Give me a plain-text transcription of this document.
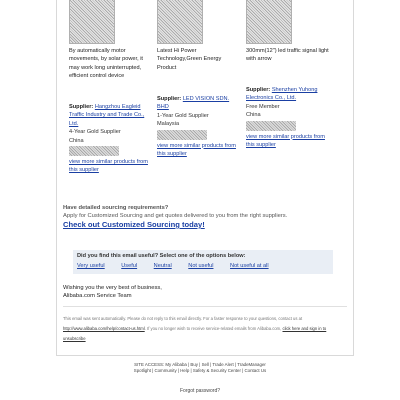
By automatically motor movements, by solar power, it may work long uninterrupted, efficient control device
Supplier: Hangzhou Eagleid Traffic Industry and Trade Co., Ltd.
4-Year Gold Supplier
China
view more similar products from this supplier
Latest Hi Power Technology,Green Energy Product
Supplier: LED VISION SDN. BHD
1-Year Gold Supplier
Malaysia
view more similar products from this supplier
300mm(12") led traffic signal light with arrow
Supplier: Shenzhen Yuhong Electronics Co., Ltd.
Free Member
China
view more similar products from this supplier
Have detailed sourcing requirements?
Apply for Customized Sourcing and get quotes delivered to you from the right suppliers.
Check out Customized Sourcing today!
Did you find this email useful? Select one of the options below:
Very useful	Useful	Neutral	Not useful	Not useful at all
Wishing you the very best of business,
Alibaba.com Service Team
This email was sent automatically. Please do not reply to this email directly. For a faster response to your questions, contact us at http://www.alibaba.com/help/contact-us.html. If you no longer wish to receive service-related emails from Alibaba.com, click here and sign in to unsubscribe
SITE ACCESS: My Alibaba | Buy | Sell | Trade Alert | TradeManager
Spotlight | Community | Help | Safety & Security Center | Contact Us
Forgot password?
